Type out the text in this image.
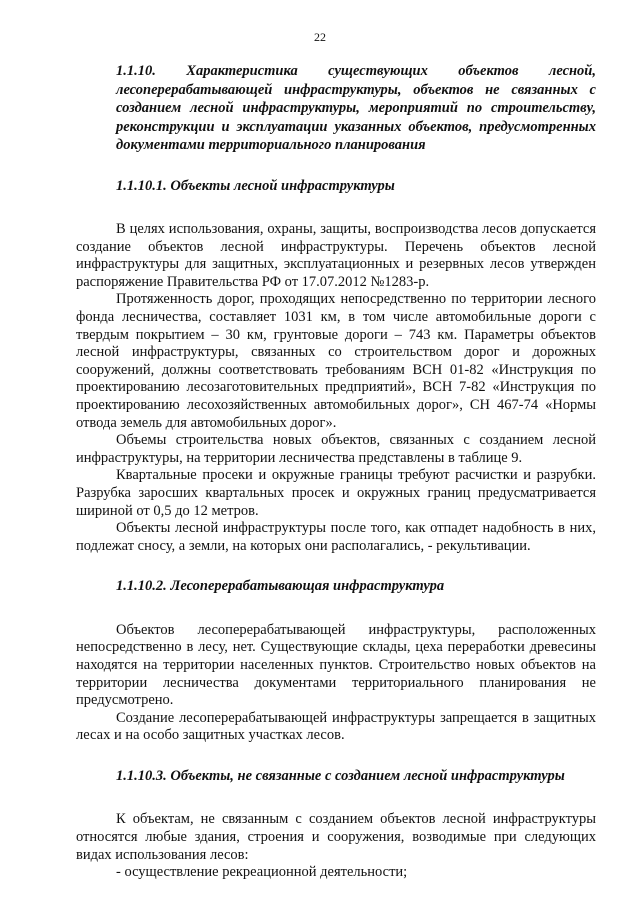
22

1.1.10. Характеристика существующих объектов лесной, лесоперерабатывающей инфраструктуры, объектов не связанных с созданием лесной инфраструктуры, мероприятий по строительству, реконструкции и эксплуатации указанных объектов, предусмотренных документами территориального планирования

1.1.10.1. Объекты лесной инфраструктуры

В целях использования, охраны, защиты, воспроизводства лесов допускается создание объектов лесной инфраструктуры. Перечень объектов лесной инфраструктуры для защитных, эксплуатационных и резервных лесов утвержден распоряжение Правительства РФ от 17.07.2012 №1283-р.

Протяженность дорог, проходящих непосредственно по территории лесного фонда лесничества, составляет 1031 км, в том числе автомобильные дороги с твердым покрытием – 30 км, грунтовые дороги – 743 км. Параметры объектов лесной инфраструктуры, связанных со строительством дорог и дорожных сооружений, должны соответствовать требованиям ВСН 01-82 «Инструкция по проектированию лесозаготовительных предприятий», ВСН 7-82 «Инструкция по проектированию лесохозяйственных автомобильных дорог», СН 467-74 «Нормы отвода земель для автомобильных дорог».

Объемы строительства новых объектов, связанных с созданием лесной инфраструктуры, на территории лесничества представлены в таблице 9.

Квартальные просеки и окружные границы требуют расчистки и разрубки. Разрубка заросших квартальных просек и окружных границ предусматривается шириной от 0,5 до 12 метров.

Объекты лесной инфраструктуры после того, как отпадет надобность в них, подлежат сносу, а земли, на которых они располагались, - рекультивации.

1.1.10.2. Лесоперерабатывающая инфраструктура

Объектов лесоперерабатывающей инфраструктуры, расположенных непосредственно в лесу, нет. Существующие склады, цеха переработки древесины находятся на территории населенных пунктов. Строительство новых объектов на территории лесничества документами территориального планирования не предусмотрено.

Создание лесоперерабатывающей инфраструктуры запрещается в защитных лесах и на особо защитных участках лесов.

1.1.10.3. Объекты, не связанные с созданием лесной инфраструктуры

К объектам, не связанным с созданием объектов лесной инфраструктуры относятся любые здания, строения и сооружения, возводимые при следующих видах использования лесов:

- осуществление рекреационной деятельности;
